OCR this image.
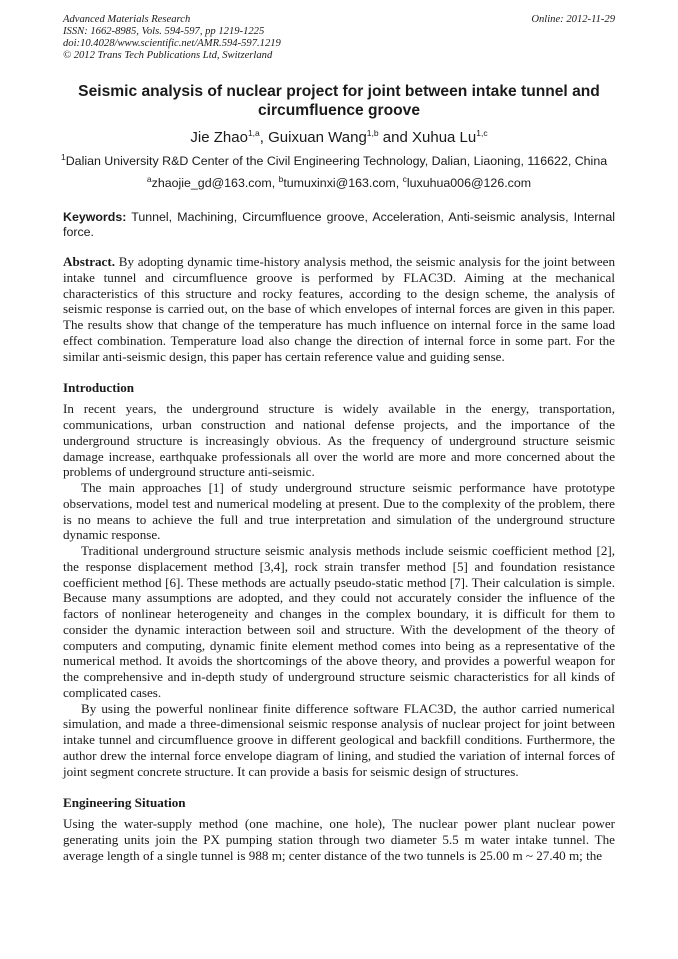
Advanced Materials Research
ISSN: 1662-8985, Vols. 594-597, pp 1219-1225
doi:10.4028/www.scientific.net/AMR.594-597.1219
© 2012 Trans Tech Publications Ltd, Switzerland
Online: 2012-11-29
Seismic analysis of nuclear project for joint between intake tunnel and circumfluence groove
Jie Zhao$^{1,a}$, Guixuan Wang$^{1,b}$ and Xuhua Lu$^{1,c}$
$^1$Dalian University R&D Center of the Civil Engineering Technology, Dalian, Liaoning, 116622, China
$^a$zhaojie_gd@163.com, $^b$tumuxinxi@163.com, $^c$luxuhua006@126.com
Keywords: Tunnel, Machining, Circumfluence groove, Acceleration, Anti-seismic analysis, Internal force.
Abstract. By adopting dynamic time-history analysis method, the seismic analysis for the joint between intake tunnel and circumfluence groove is performed by FLAC3D. Aiming at the mechanical characteristics of this structure and rocky features, according to the design scheme, the analysis of seismic response is carried out, on the base of which envelopes of internal forces are given in this paper. The results show that change of the temperature has much influence on internal force in the same load effect combination. Temperature load also change the direction of internal force in some part. For the similar anti-seismic design, this paper has certain reference value and guiding sense.
Introduction

In recent years, the underground structure is widely available in the energy, transportation, communications, urban construction and national defense projects, and the importance of the underground structure is increasingly obvious. As the frequency of underground structure seismic damage increase, earthquake professionals all over the world are more and more concerned about the problems of underground structure anti-seismic.

The main approaches [1] of study underground structure seismic performance have prototype observations, model test and numerical modeling at present. Due to the complexity of the problem, there is no means to achieve the full and true interpretation and simulation of the underground structure dynamic response.

Traditional underground structure seismic analysis methods include seismic coefficient method [2], the response displacement method [3,4], rock strain transfer method [5] and foundation resistance coefficient method [6]. These methods are actually pseudo-static method [7]. Their calculation is simple. Because many assumptions are adopted, and they could not accurately consider the influence of the factors of nonlinear heterogeneity and changes in the complex boundary, it is difficult for them to consider the dynamic interaction between soil and structure. With the development of the theory of computers and computing, dynamic finite element method comes into being as a representative of the numerical method. It avoids the shortcomings of the above theory, and provides a powerful weapon for the comprehensive and in-depth study of underground structure seismic characteristics for all kinds of complicated cases.

By using the powerful nonlinear finite difference software FLAC3D, the author carried numerical simulation, and made a three-dimensional seismic response analysis of nuclear project for joint between intake tunnel and circumfluence groove in different geological and backfill conditions. Furthermore, the author drew the internal force envelope diagram of lining, and studied the variation of internal forces of joint segment concrete structure. It can provide a basis for seismic design of structures.

Engineering Situation

Using the water-supply method (one machine, one hole), The nuclear power plant nuclear power generating units join the PX pumping station through two diameter 5.5 m water intake tunnel. The average length of a single tunnel is 988 m; center distance of the two tunnels is 25.00 m ~ 27.40 m; the
